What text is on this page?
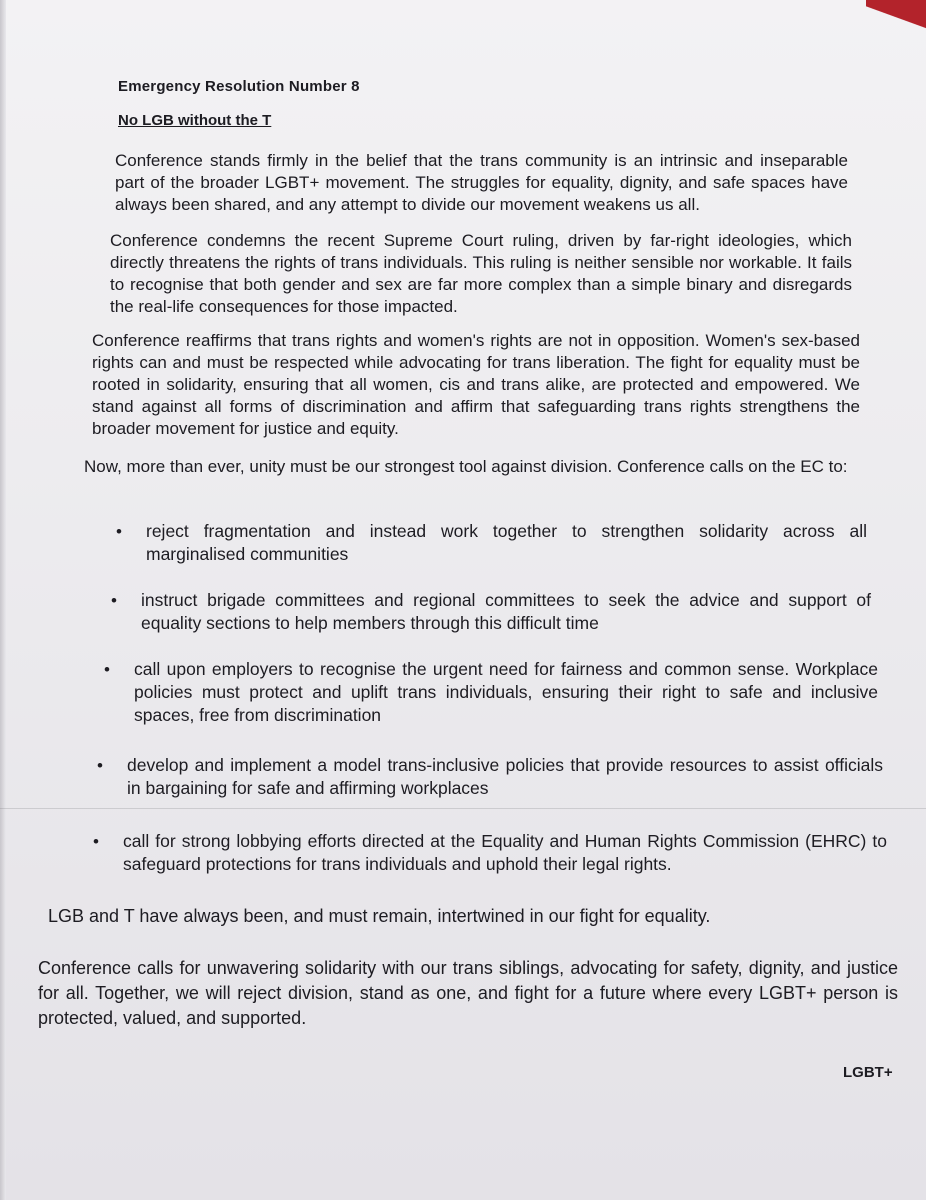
Emergency Resolution Number 8
No LGB without the T

Conference stands firmly in the belief that the trans community is an intrinsic and inseparable part of the broader LGBT+ movement. The struggles for equality, dignity, and safe spaces have always been shared, and any attempt to divide our movement weakens us all.

Conference condemns the recent Supreme Court ruling, driven by far-right ideologies, which directly threatens the rights of trans individuals. This ruling is neither sensible nor workable. It fails to recognise that both gender and sex are far more complex than a simple binary and disregards the real-life consequences for those impacted.

Conference reaffirms that trans rights and women's rights are not in opposition. Women's sex-based rights can and must be respected while advocating for trans liberation. The fight for equality must be rooted in solidarity, ensuring that all women, cis and trans alike, are protected and empowered. We stand against all forms of discrimination and affirm that safeguarding trans rights strengthens the broader movement for justice and equity.

Now, more than ever, unity must be our strongest tool against division. Conference calls on the EC to:

• reject fragmentation and instead work together to strengthen solidarity across all marginalised communities
• instruct brigade committees and regional committees to seek the advice and support of equality sections to help members through this difficult time
• call upon employers to recognise the urgent need for fairness and common sense. Workplace policies must protect and uplift trans individuals, ensuring their right to safe and inclusive spaces, free from discrimination
• develop and implement a model trans-inclusive policies that provide resources to assist officials in bargaining for safe and affirming workplaces
• call for strong lobbying efforts directed at the Equality and Human Rights Commission (EHRC) to safeguard protections for trans individuals and uphold their legal rights.

LGB and T have always been, and must remain, intertwined in our fight for equality.

Conference calls for unwavering solidarity with our trans siblings, advocating for safety, dignity, and justice for all. Together, we will reject division, stand as one, and fight for a future where every LGBT+ person is protected, valued, and supported.

LGBT+
